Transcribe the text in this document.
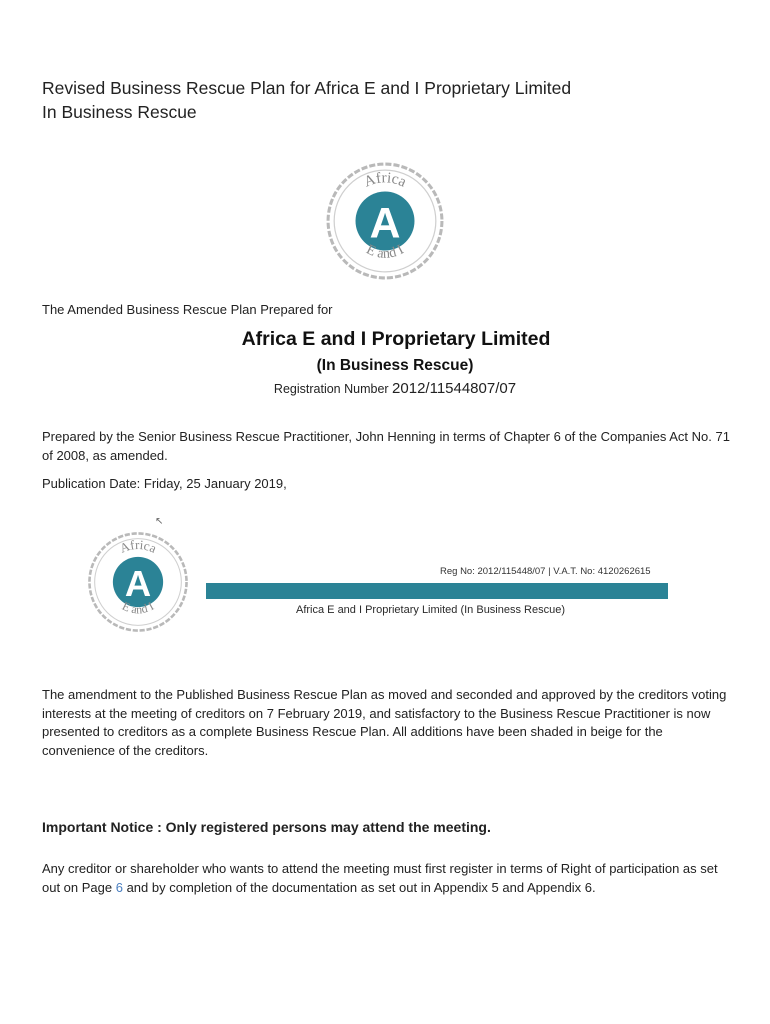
Revised Business Rescue Plan for Africa E and I Proprietary Limited
In Business Rescue
A
Africa
E and I
The Amended Business Rescue Plan Prepared for
Africa E and I Proprietary Limited
(In Business Rescue)
Registration Number 2012/11544807/07
Prepared by the Senior Business Rescue Practitioner, John Henning in terms of Chapter 6 of the Companies Act No. 71 of 2008, as amended.
Publication Date: Friday, 25 January 2019,
↖
A
Africa
E and I
Reg No: 2012/115448/07 | V.A.T. No: 4120262615
Africa E and I Proprietary Limited (In Business Rescue)
The amendment to the Published Business Rescue Plan as moved and seconded and approved by the creditors voting interests at the meeting of creditors on 7 February 2019, and satisfactory to the Business Rescue Practitioner is now presented to creditors as a complete Business Rescue Plan. All additions have been shaded in beige for the convenience of the creditors.
Important Notice : Only registered persons may attend the meeting.
Any creditor or shareholder who wants to attend the meeting must first register in terms of Right of participation as set out on Page 6 and by completion of the documentation as set out in Appendix 5 and Appendix 6.
